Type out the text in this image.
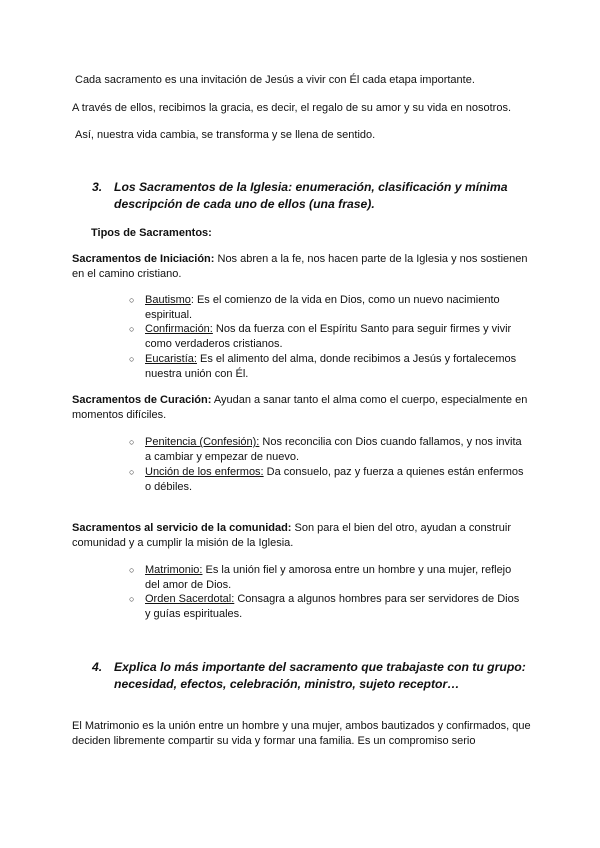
Cada sacramento es una invitación de Jesús a vivir con Él cada etapa importante.

A través de ellos, recibimos la gracia, es decir, el regalo de su amor y su vida en nosotros.

Así, nuestra vida cambia, se transforma y se llena de sentido.

3. Los Sacramentos de la Iglesia: enumeración, clasificación y mínima descripción de cada uno de ellos (una frase).
Tipos de Sacramentos:
Sacramentos de Iniciación: Nos abren a la fe, nos hacen parte de la Iglesia y nos sostienen en el camino cristiano.
○ Bautismo: Es el comienzo de la vida en Dios, como un nuevo nacimiento espiritual.
○ Confirmación: Nos da fuerza con el Espíritu Santo para seguir firmes y vivir como verdaderos cristianos.
○ Eucaristía: Es el alimento del alma, donde recibimos a Jesús y fortalecemos nuestra unión con Él.
Sacramentos de Curación: Ayudan a sanar tanto el alma como el cuerpo, especialmente en momentos difíciles.
○ Penitencia (Confesión): Nos reconcilia con Dios cuando fallamos, y nos invita a cambiar y empezar de nuevo.
○ Unción de los enfermos: Da consuelo, paz y fuerza a quienes están enfermos o débiles.
Sacramentos al servicio de la comunidad: Son para el bien del otro, ayudan a construir comunidad y a cumplir la misión de la Iglesia.
○ Matrimonio: Es la unión fiel y amorosa entre un hombre y una mujer, reflejo del amor de Dios.
○ Orden Sacerdotal: Consagra a algunos hombres para ser servidores de Dios y guías espirituales.
4. Explica lo más importante del sacramento que trabajaste con tu grupo: necesidad, efectos, celebración, ministro, sujeto receptor…

El Matrimonio es la unión entre un hombre y una mujer, ambos bautizados y confirmados, que deciden libremente compartir su vida y formar una familia. Es un compromiso serio
